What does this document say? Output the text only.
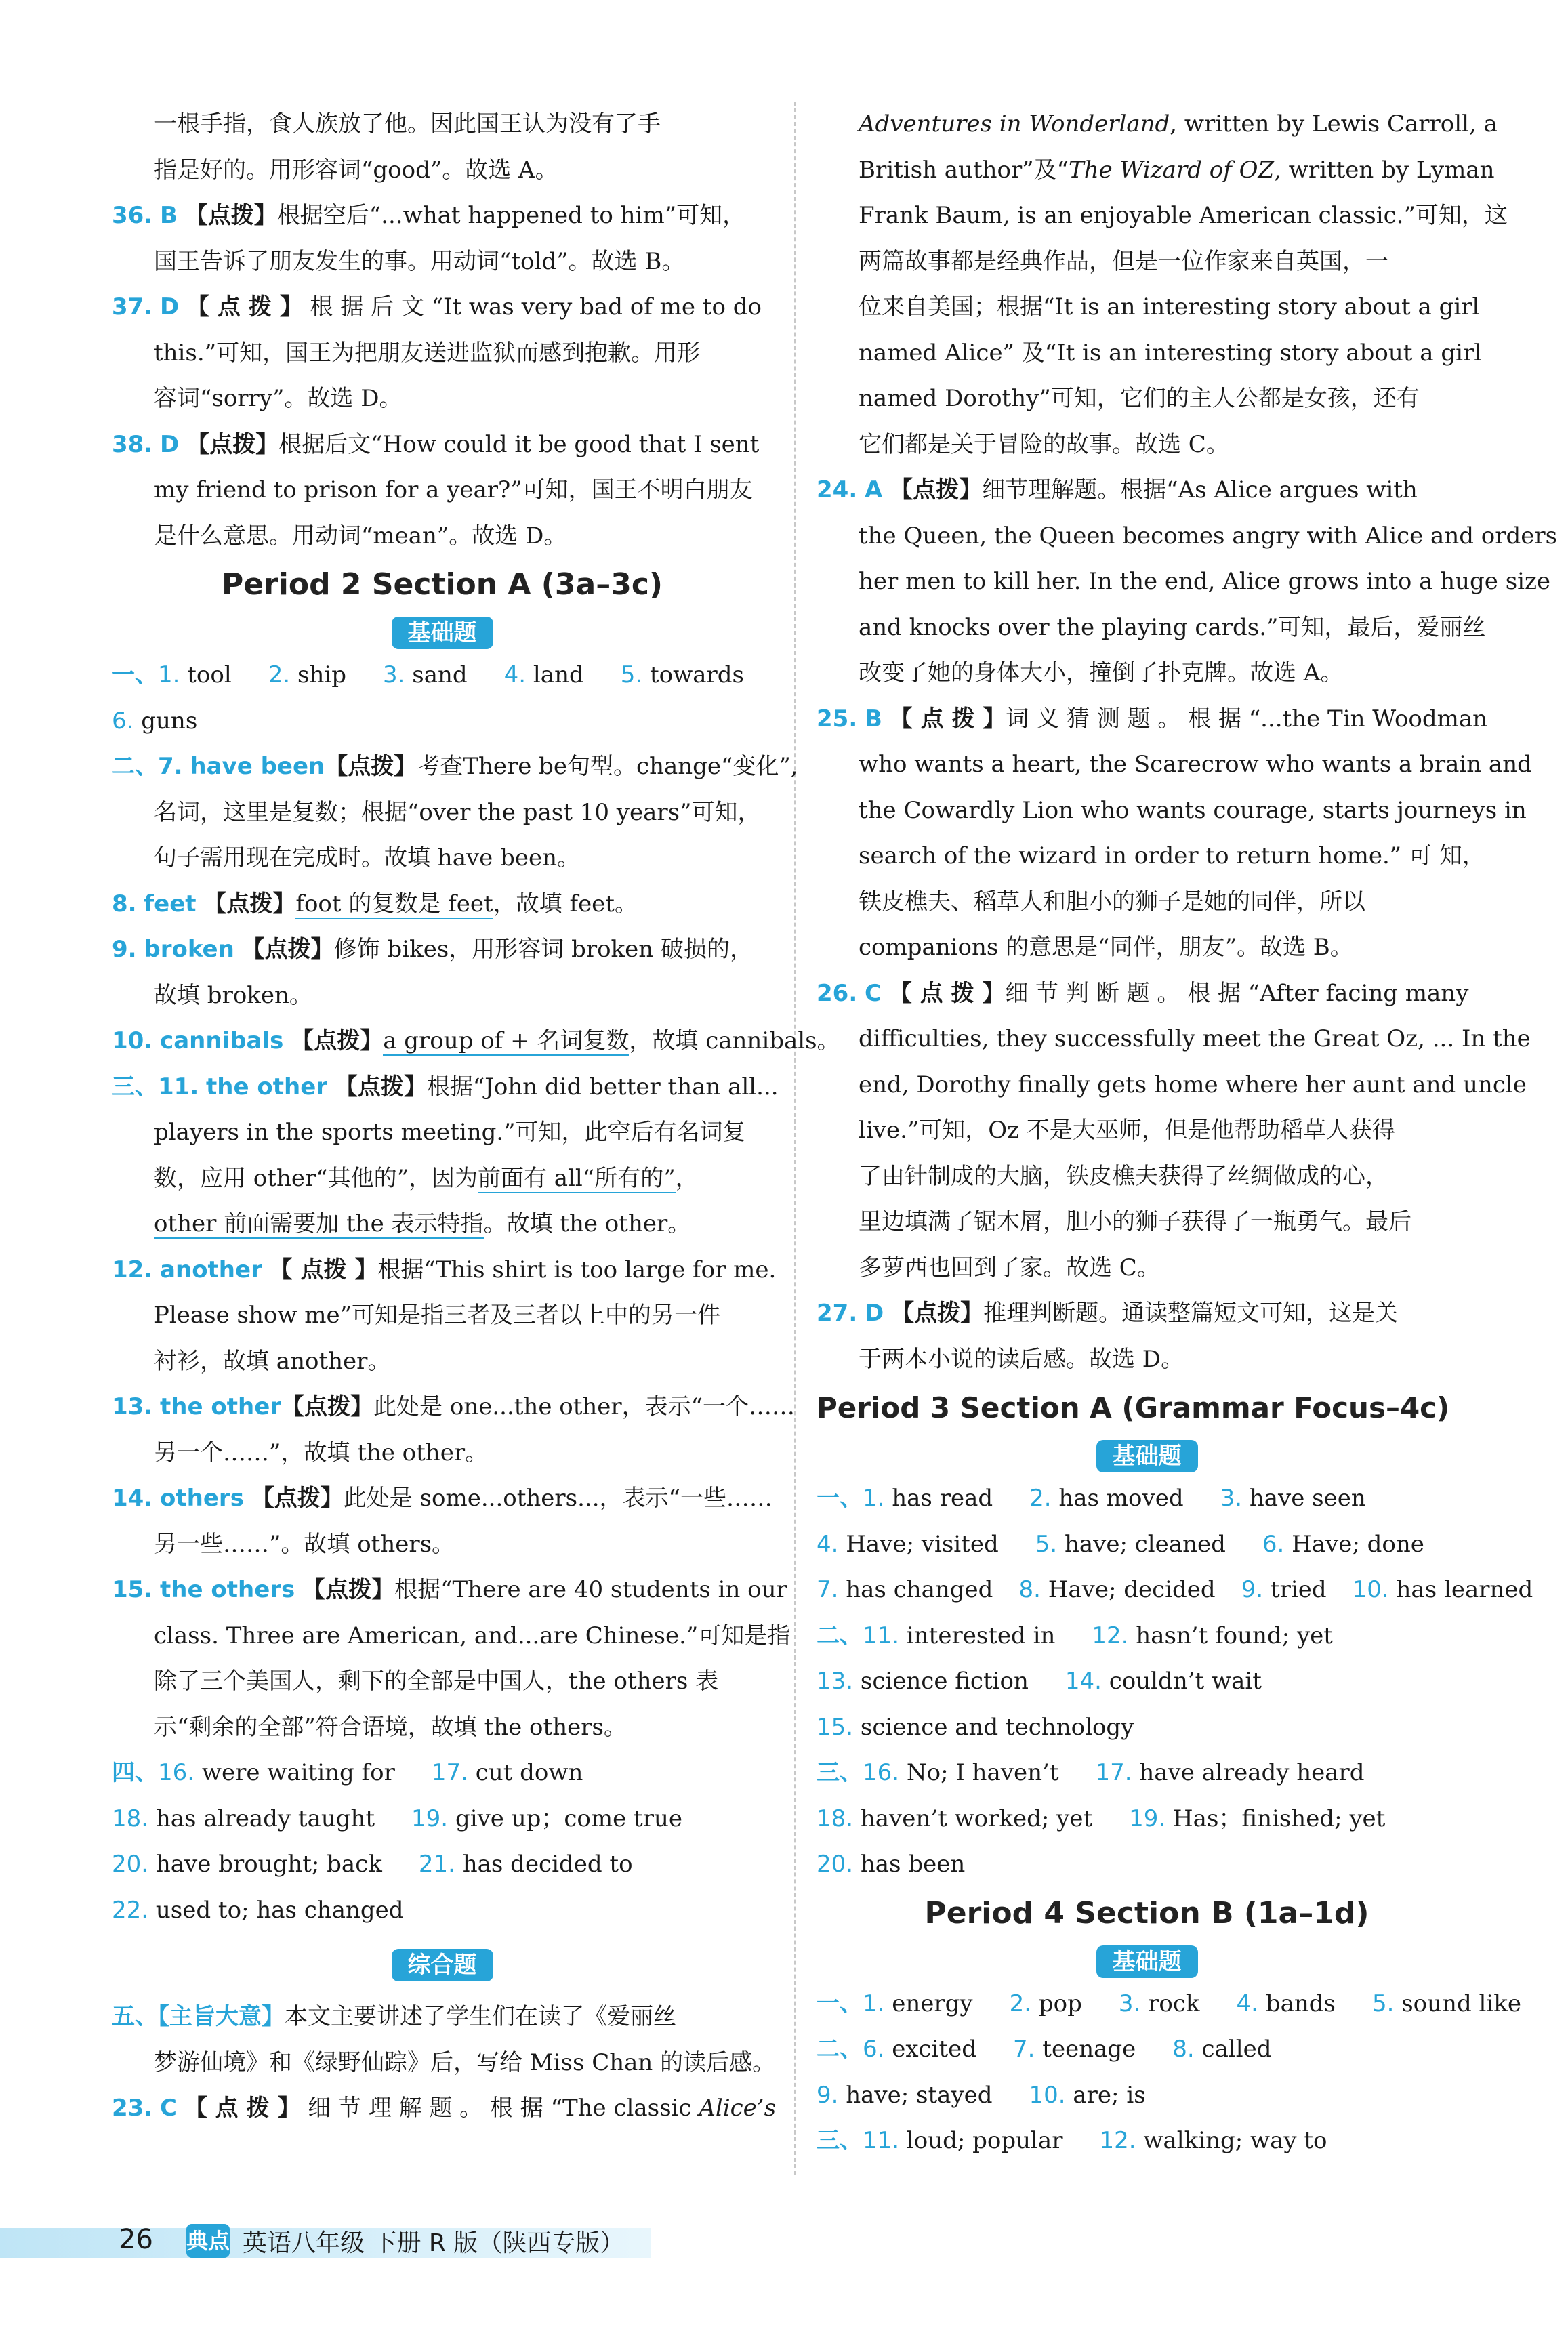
一根手指，食人族放了他。因此国王认为没有了手
指是好的。用形容词“good”。故选 A。
36. B 【点拨】根据空后“...what happened to him”可知，
国王告诉了朋友发生的事。用动词“told”。故选 B。
37. D 【 点 拨 】 根 据 后 文 “It was very bad of me to do
this.”可知，国王为把朋友送进监狱而感到抱歉。用形
容词“sorry”。故选 D。
38. D 【点拨】根据后文“How could it be good that I sent
my friend to prison for a year?”可知，国王不明白朋友
是什么意思。用动词“mean”。故选 D。
Period 2 Section A (3a–3c)
基础题
一、1. tool 2. ship 3. sand 4. land 5. towards
6. guns
二、7. have been【点拨】考查There be句型。change“变化”,
名词，这里是复数；根据“over the past 10 years”可知，
句子需用现在完成时。故填 have been。
8. feet 【点拨】foot 的复数是 feet，故填 feet。
9. broken 【点拨】修饰 bikes，用形容词 broken 破损的，
故填 broken。
10. cannibals 【点拨】a group of + 名词复数，故填 cannibals。
三、11. the other 【点拨】根据“John did better than all...
players in the sports meeting.”可知，此空后有名词复
数，应用 other“其他的”，因为前面有 all“所有的”，
other 前面需要加 the 表示特指。故填 the other。
12. another 【 点拨 】根据“This shirt is too large for me.
Please show me”可知是指三者及三者以上中的另一件
衬衫，故填 another。
13. the other【点拨】此处是 one...the other，表示“一个……
另一个……”，故填 the other。
14. others 【点拨】此处是 some...others...，表示“一些……
另一些……”。故填 others。
15. the others 【点拨】根据“There are 40 students in our
class. Three are American, and...are Chinese.”可知是指
除了三个美国人，剩下的全部是中国人，the others 表
示“剩余的全部”符合语境，故填 the others。
四、16. were waiting for 17. cut down
18. has already taught 19. give up；come true
20. have brought; back 21. has decided to
22. used to; has changed
综合题
五、【主旨大意】本文主要讲述了学生们在读了《爱丽丝
梦游仙境》和《绿野仙踪》后，写给 Miss Chan 的读后感。
23. C 【 点 拨 】 细 节 理 解 题 。 根 据 “The classic Alice’s
Adventures in Wonderland, written by Lewis Carroll, a
British author”及“The Wizard of OZ, written by Lyman
Frank Baum, is an enjoyable American classic.”可知，这
两篇故事都是经典作品，但是一位作家来自英国，一
位来自美国；根据“It is an interesting story about a girl
named Alice” 及“It is an interesting story about a girl
named Dorothy”可知，它们的主人公都是女孩，还有
它们都是关于冒险的故事。故选 C。
24. A 【点拨】细节理解题。根据“As Alice argues with
the Queen, the Queen becomes angry with Alice and orders
her men to kill her. In the end, Alice grows into a huge size
and knocks over the playing cards.”可知，最后，爱丽丝
改变了她的身体大小，撞倒了扑克牌。故选 A。
25. B 【 点 拨 】词 义 猜 测 题 。 根 据 “...the Tin Woodman
who wants a heart, the Scarecrow who wants a brain and
the Cowardly Lion who wants courage, starts journeys in
search of the wizard in order to return home.” 可 知，
铁皮樵夫、稻草人和胆小的狮子是她的同伴，所以
companions 的意思是“同伴，朋友”。故选 B。
26. C 【 点 拨 】细 节 判 断 题 。 根 据 “After facing many
difficulties, they successfully meet the Great Oz, ... In the
end, Dorothy finally gets home where her aunt and uncle
live.”可知，Oz 不是大巫师，但是他帮助稻草人获得
了由针制成的大脑，铁皮樵夫获得了丝绸做成的心，
里边填满了锯木屑，胆小的狮子获得了一瓶勇气。最后
多萝西也回到了家。故选 C。
27. D 【点拨】推理判断题。通读整篇短文可知，这是关
于两本小说的读后感。故选 D。
Period 3 Section A (Grammar Focus–4c)
基础题
一、1. has read 2. has moved 3. have seen
4. Have; visited 5. have; cleaned 6. Have; done
7. has changed 8. Have; decided 9. tried 10. has learned
二、11. interested in 12. hasn’t found; yet
13. science fiction 14. couldn’t wait
15. science and technology
三、16. No; I haven’t 17. have already heard
18. haven’t worked; yet 19. Has；finished; yet
20. has been
Period 4 Section B (1a–1d)
基础题
一、1. energy 2. pop 3. rock 4. bands 5. sound like
二、6. excited 7. teenage 8. called
9. have; stayed 10. are; is
三、11. loud; popular 12. walking; way to
26 典点 英语八年级 下册 R 版（陕西专版）
